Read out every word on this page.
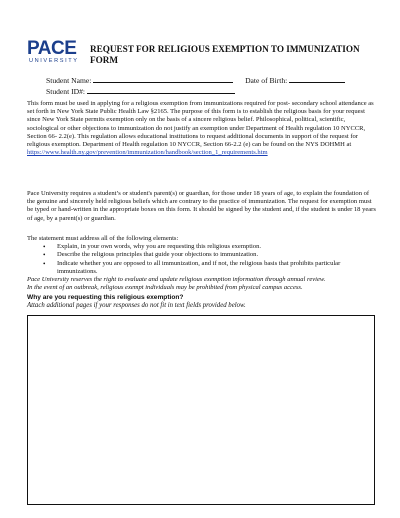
PACE
UNIVERSITY
REQUEST FOR RELIGIOUS EXEMPTION TO IMMUNIZATION FORM
Student Name:	Date of Birth:
Student ID#:

This form must be used in applying for a religious exemption from immunizations required for post- secondary school attendance as set forth in New York State Public Health Law §2165. The purpose of this form is to establish the religious basis for your request since New York State permits exemption only on the basis of a sincere religious belief. Philosophical, political, scientific, sociological or other objections to immunization do not justify an exemption under Department of Health regulation 10 NYCCR, Section 66- 2.2(e). This regulation allows educational institutions to request additional documents in support of the request for religious exemption. Department of Health regulation 10 NYCCR, Section 66-2.2 (e) can be found on the NYS DOHMH at https://www.health.ny.gov/prevention/immunization/handbook/section_1_requirements.htm

Pace University requires a student’s or student's parent(s) or guardian, for those under 18 years of age, to explain the foundation of the genuine and sincerely held religious beliefs which are contrary to the practice of immunization. The request for exemption must be typed or hand-written in the appropriate boxes on this form. It should be signed by the student and, if the student is under 18 years of age, by a parent(s) or guardian.

The statement must address all of the following elements:

• Explain, in your own words, why you are requesting this religious exemption.
• Describe the religious principles that guide your objections to immunization.
• Indicate whether you are opposed to all immunization, and if not, the religious basis that prohibits particular immunizations.

Pace University reserves the right to evaluate and update religious exemption information through annual review.

In the event of an outbreak, religious exempt individuals may be prohibited from physical campus access.

Why are you requesting this religious exemption?
Attach additional pages if your responses do not fit in text fields provided below.
